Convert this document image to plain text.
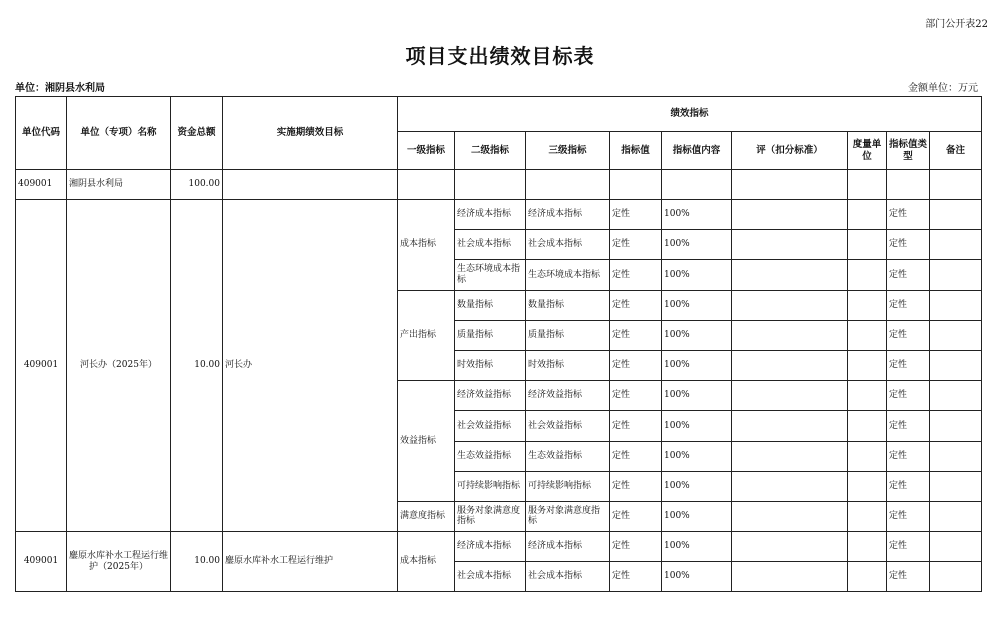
部门公开表22
项目支出绩效目标表
单位：湘阴县水利局	金额单位：万元
单位代码	单位（专项）名称	资金总额	实施期绩效目标	绩效指标								
				一级指标	二级指标	三级指标	指标值	指标值内容	评（扣分标准）	度量单位	指标值类型	备注
409001	湘阴县水利局	100.00										
409001	河长办（2025年）	10.00	河长办	成本指标	经济成本指标	经济成本指标	定性	100%			定性	
					社会成本指标	社会成本指标	定性	100%			定性	
					生态环境成本指标	生态环境成本指标	定性	100%			定性	
				产出指标	数量指标	数量指标	定性	100%			定性	
					质量指标	质量指标	定性	100%			定性	
					时效指标	时效指标	定性	100%			定性	
				效益指标	经济效益指标	经济效益指标	定性	100%			定性	
					社会效益指标	社会效益指标	定性	100%			定性	
					生态效益指标	生态效益指标	定性	100%			定性	
					可持续影响指标	可持续影响指标	定性	100%			定性	
				满意度指标	服务对象满意度指标	服务对象满意度指标	定性	100%			定性	
409001	鏖原水库补水工程运行维护（2025年）	10.00	鏖原水库补水工程运行维护	成本指标	经济成本指标	经济成本指标	定性	100%			定性	
					社会成本指标	社会成本指标	定性	100%			定性	
